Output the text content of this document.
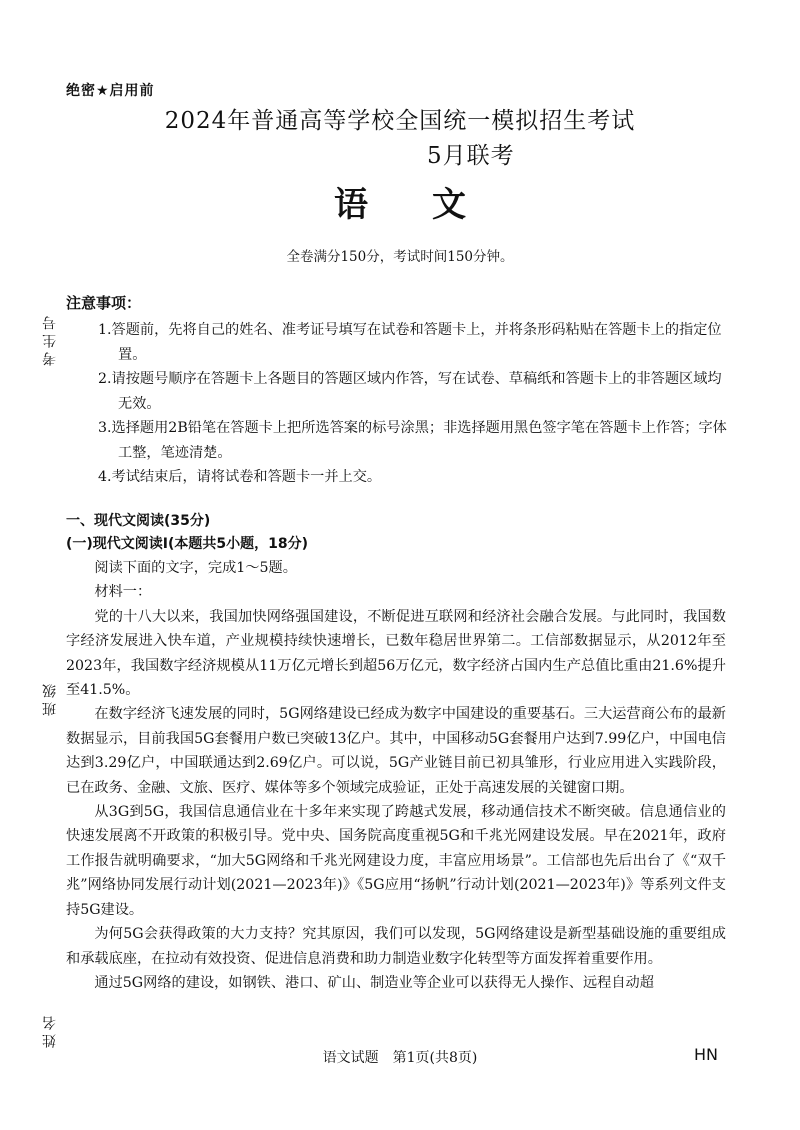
绝密★启用前
2024年普通高等学校全国统一模拟招生考试
5月联考
语 文
全卷满分150分，考试时间150分钟。
考生号
班级
姓名
注意事项：

1.答题前，先将自己的姓名、准考证号填写在试卷和答题卡上，并将条形码粘贴在答题卡上的指定位置。

2.请按题号顺序在答题卡上各题目的答题区域内作答，写在试卷、草稿纸和答题卡上的非答题区域均无效。

3.选择题用2B铅笔在答题卡上把所选答案的标号涂黑；非选择题用黑色签字笔在答题卡上作答；字体工整，笔迹清楚。

4.考试结束后，请将试卷和答题卡一并上交。

一、现代文阅读(35分)
(一)现代文阅读Ⅰ(本题共5小题，18分)

阅读下面的文字，完成1～5题。

材料一：

党的十八大以来，我国加快网络强国建设，不断促进互联网和经济社会融合发展。与此同时，我国数字经济发展进入快车道，产业规模持续快速增长，已数年稳居世界第二。工信部数据显示，从2012年至2023年，我国数字经济规模从11万亿元增长到超56万亿元，数字经济占国内生产总值比重由21.6%提升至41.5%。

在数字经济飞速发展的同时，5G网络建设已经成为数字中国建设的重要基石。三大运营商公布的最新数据显示，目前我国5G套餐用户数已突破13亿户。其中，中国移动5G套餐用户达到7.99亿户，中国电信达到3.29亿户，中国联通达到2.69亿户。可以说，5G产业链目前已初具雏形，行业应用进入实践阶段，已在政务、金融、文旅、医疗、媒体等多个领域完成验证，正处于高速发展的关键窗口期。

从3G到5G，我国信息通信业在十多年来实现了跨越式发展，移动通信技术不断突破。信息通信业的快速发展离不开政策的积极引导。党中央、国务院高度重视5G和千兆光网建设发展。早在2021年，政府工作报告就明确要求，“加大5G网络和千兆光网建设力度，丰富应用场景”。工信部也先后出台了《“双千兆”网络协同发展行动计划(2021—2023年)》《5G应用“扬帆”行动计划(2021—2023年)》等系列文件支持5G建设。

为何5G会获得政策的大力支持？究其原因，我们可以发现，5G网络建设是新型基础设施的重要组成和承载底座，在拉动有效投资、促进信息消费和助力制造业数字化转型等方面发挥着重要作用。

通过5G网络的建设，如钢铁、港口、矿山、制造业等企业可以获得无人操作、远程自动超

语文试题　第1页(共8页)	HN
